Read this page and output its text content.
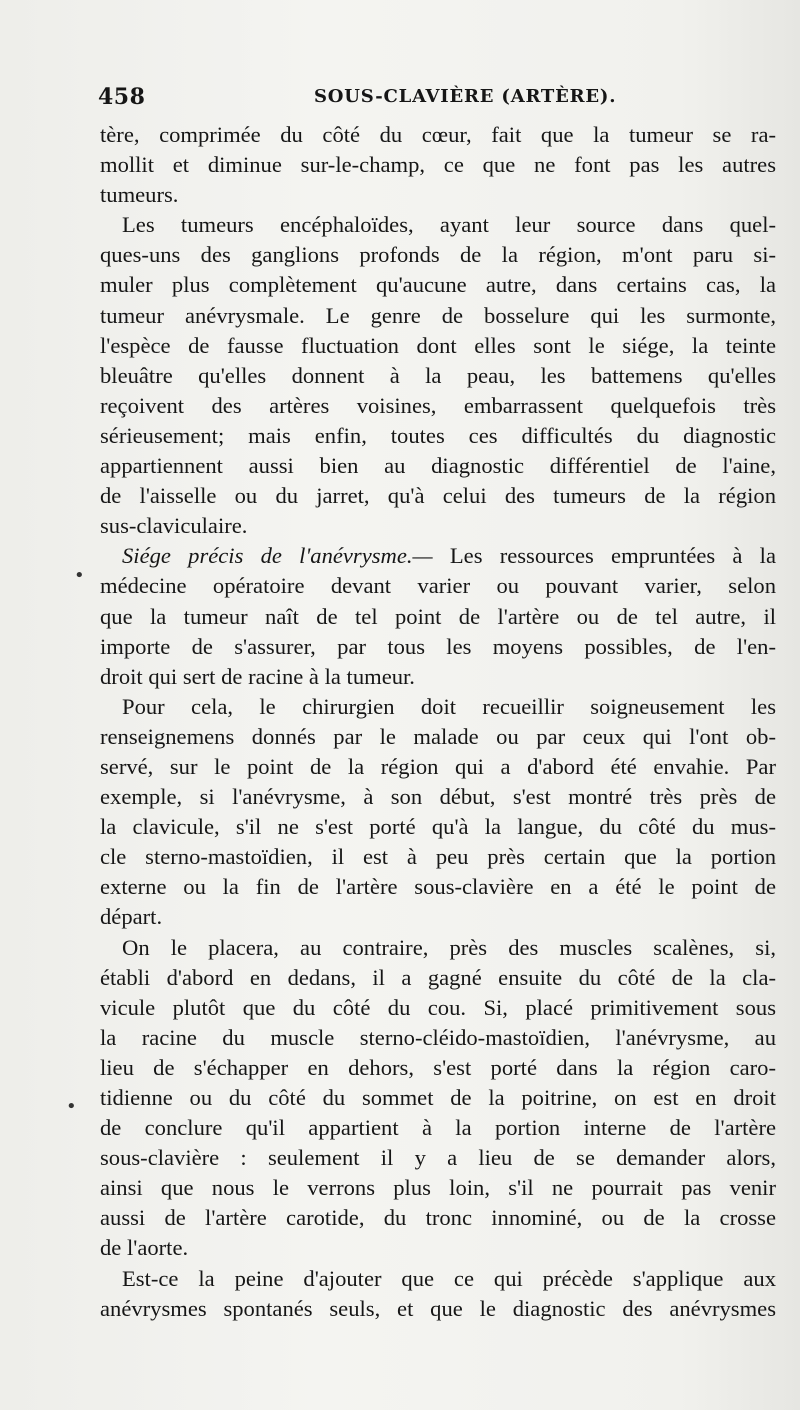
458	SOUS-CLAVIÈRE (ARTÈRE).
•
•
tère, comprimée du côté du cœur, fait que la tumeur se ra-
mollit et diminue sur-le-champ, ce que ne font pas les autres
tumeurs.
Les tumeurs encéphaloïdes, ayant leur source dans quel-
ques-uns des ganglions profonds de la région, m'ont paru si-
muler plus complètement qu'aucune autre, dans certains cas, la
tumeur anévrysmale. Le genre de bosselure qui les surmonte,
l'espèce de fausse fluctuation dont elles sont le siége, la teinte
bleuâtre qu'elles donnent à la peau, les battemens qu'elles
reçoivent des artères voisines, embarrassent quelquefois très
sérieusement; mais enfin, toutes ces difficultés du diagnostic
appartiennent aussi bien au diagnostic différentiel de l'aine,
de l'aisselle ou du jarret, qu'à celui des tumeurs de la région
sus-claviculaire.
Siége précis de l'anévrysme.— Les ressources empruntées à la
médecine opératoire devant varier ou pouvant varier, selon
que la tumeur naît de tel point de l'artère ou de tel autre, il
importe de s'assurer, par tous les moyens possibles, de l'en-
droit qui sert de racine à la tumeur.
Pour cela, le chirurgien doit recueillir soigneusement les
renseignemens donnés par le malade ou par ceux qui l'ont ob-
servé, sur le point de la région qui a d'abord été envahie. Par
exemple, si l'anévrysme, à son début, s'est montré très près de
la clavicule, s'il ne s'est porté qu'à la langue, du côté du mus-
cle sterno-mastoïdien, il est à peu près certain que la portion
externe ou la fin de l'artère sous-clavière en a été le point de
départ.
On le placera, au contraire, près des muscles scalènes, si,
établi d'abord en dedans, il a gagné ensuite du côté de la cla-
vicule plutôt que du côté du cou. Si, placé primitivement sous
la racine du muscle sterno-cléido-mastoïdien, l'anévrysme, au
lieu de s'échapper en dehors, s'est porté dans la région caro-
tidienne ou du côté du sommet de la poitrine, on est en droit
de conclure qu'il appartient à la portion interne de l'artère
sous-clavière : seulement il y a lieu de se demander alors,
ainsi que nous le verrons plus loin, s'il ne pourrait pas venir
aussi de l'artère carotide, du tronc innominé, ou de la crosse
de l'aorte.
Est-ce la peine d'ajouter que ce qui précède s'applique aux
anévrysmes spontanés seuls, et que le diagnostic des anévrysmes
